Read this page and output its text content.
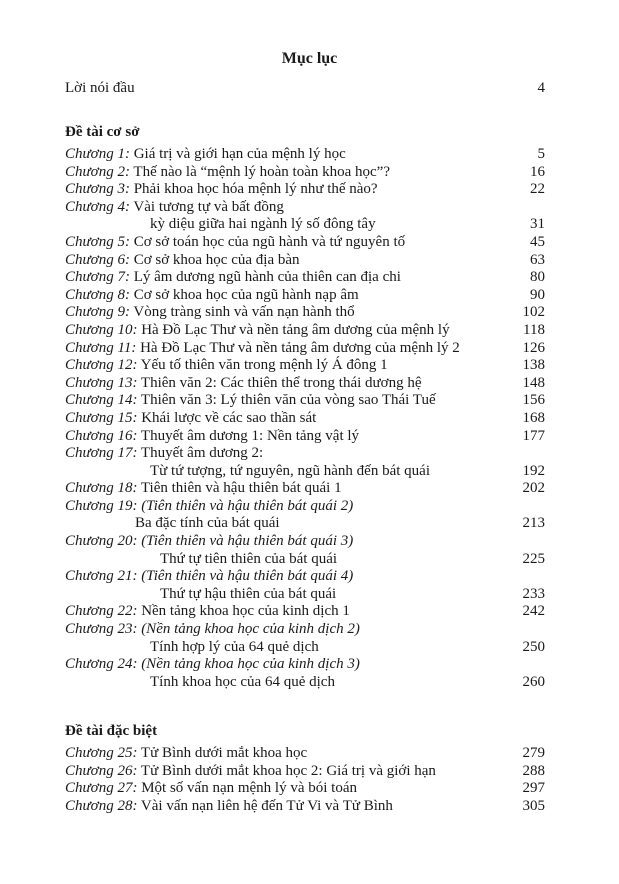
Mục lục
Lời nói đầu	4
Đề tài cơ sở
Chương 1: Giá trị và giới hạn của mệnh lý học	5
Chương 2: Thế nào là “mệnh lý hoàn toàn khoa học”?	16
Chương 3: Phải khoa học hóa mệnh lý như thế nào?	22
Chương 4: Vài tương tự và bất đồng
kỳ diệu giữa hai ngành lý số đông tây	31
Chương 5: Cơ sở toán học của ngũ hành và tứ nguyên tố	45
Chương 6: Cơ sở khoa học của địa bàn	63
Chương 7: Lý âm dương ngũ hành của thiên can địa chi	80
Chương 8: Cơ sở khoa học của ngũ hành nạp âm	90
Chương 9: Vòng tràng sinh và vấn nạn hành thổ	102
Chương 10: Hà Đồ Lạc Thư và nền tảng âm dương của mệnh lý	118
Chương 11: Hà Đồ Lạc Thư và nền tảng âm dương của mệnh lý 2	126
Chương 12: Yếu tố thiên văn trong mệnh lý Á đông 1	138
Chương 13: Thiên văn 2: Các thiên thể trong thái dương hệ	148
Chương 14: Thiên văn 3: Lý thiên văn của vòng sao Thái Tuế	156
Chương 15: Khái lược về các sao thần sát	168
Chương 16: Thuyết âm dương 1: Nền tảng vật lý	177
Chương 17: Thuyết âm dương 2:
Từ tứ tượng, tứ nguyên, ngũ hành đến bát quái	192
Chương 18: Tiên thiên và hậu thiên bát quái 1	202
Chương 19: (Tiên thiên và hậu thiên bát quái 2)
Ba đặc tính của bát quái	213
Chương 20: (Tiên thiên và hậu thiên bát quái 3)
Thứ tự tiên thiên của bát quái	225
Chương 21: (Tiên thiên và hậu thiên bát quái 4)
Thứ tự hậu thiên của bát quái	233
Chương 22: Nền tảng khoa học của kinh dịch 1	242
Chương 23: (Nền tảng khoa học của kinh dịch 2)
Tính hợp lý của 64 quẻ dịch	250
Chương 24: (Nền tảng khoa học của kinh dịch 3)
Tính khoa học của 64 quẻ dịch	260
Đề tài đặc biệt
Chương 25: Tử Bình dưới mắt khoa học	279
Chương 26: Tử Bình dưới mắt khoa học 2: Giá trị và giới hạn	288
Chương 27: Một số vấn nạn mệnh lý và bói toán	297
Chương 28: Vài vấn nạn liên hệ đến Tử Vi và Tử Bình	305
